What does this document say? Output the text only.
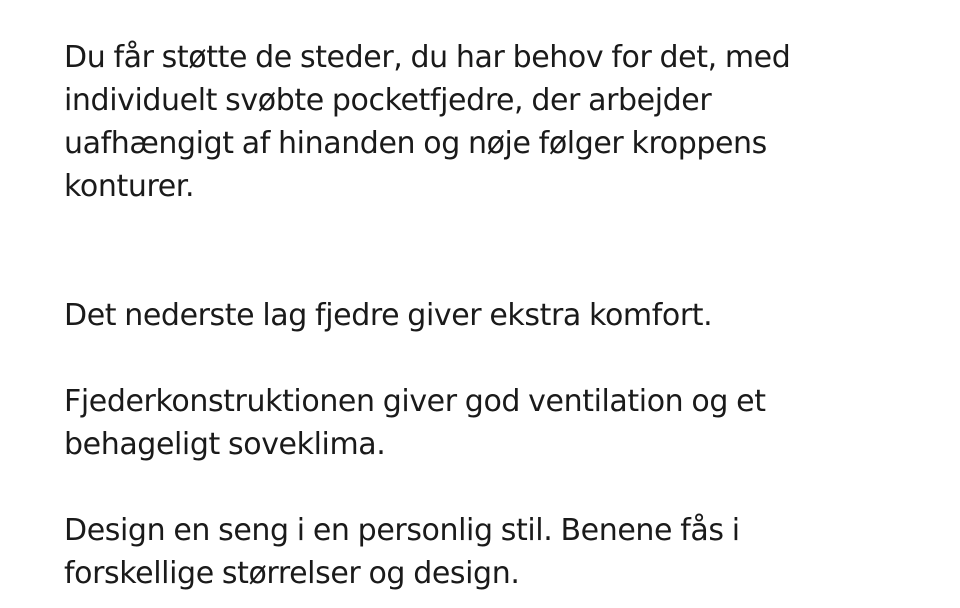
Du får støtte de steder, du har behov for det, med individuelt svøbte pocketfjedre, der arbejder uafhængigt af hinanden og nøje følger kroppens konturer.

Det nederste lag fjedre giver ekstra komfort.

Fjederkonstruktionen giver god ventilation og et behageligt soveklima.

Design en seng i en personlig stil. Benene fås i forskellige størrelser og design.
